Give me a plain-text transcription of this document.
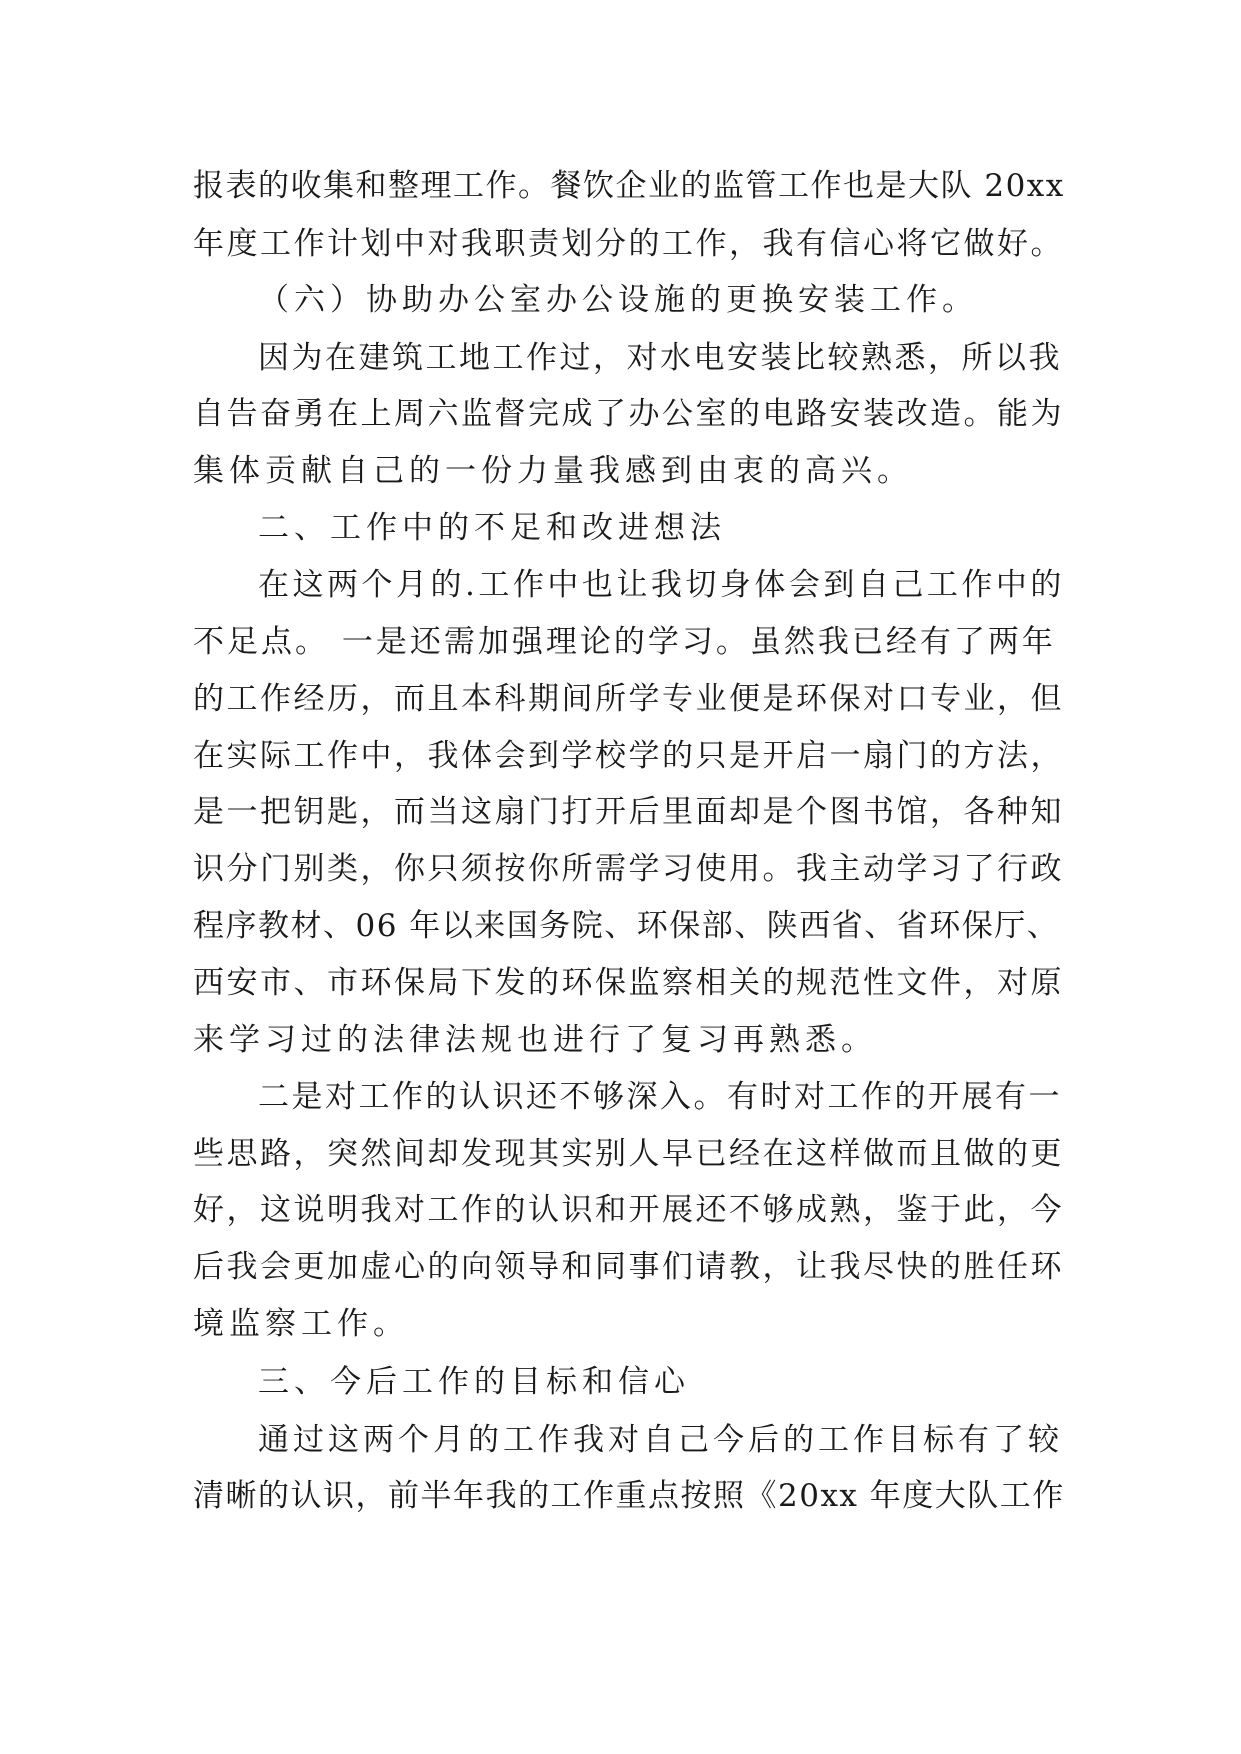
报表的收集和整理工作。餐饮企业的监管工作也是大队 20xx
年度工作计划中对我职责划分的工作，我有信心将它做好。
（六）协助办公室办公设施的更换安装工作。
因为在建筑工地工作过，对水电安装比较熟悉，所以我
自告奋勇在上周六监督完成了办公室的电路安装改造。能为
集体贡献自己的一份力量我感到由衷的高兴。
二、工作中的不足和改进想法
在这两个月的.工作中也让我切身体会到自己工作中的
不足点。 一是还需加强理论的学习。虽然我已经有了两年
的工作经历，而且本科期间所学专业便是环保对口专业，但
在实际工作中，我体会到学校学的只是开启一扇门的方法，
是一把钥匙，而当这扇门打开后里面却是个图书馆，各种知
识分门别类，你只须按你所需学习使用。我主动学习了行政
程序教材、06 年以来国务院、环保部、陕西省、省环保厅、
西安市、市环保局下发的环保监察相关的规范性文件，对原
来学习过的法律法规也进行了复习再熟悉。
二是对工作的认识还不够深入。有时对工作的开展有一
些思路，突然间却发现其实别人早已经在这样做而且做的更
好，这说明我对工作的认识和开展还不够成熟，鉴于此，今
后我会更加虚心的向领导和同事们请教，让我尽快的胜任环
境监察工作。
三、今后工作的目标和信心
通过这两个月的工作我对自己今后的工作目标有了较
清晰的认识，前半年我的工作重点按照《20xx 年度大队工作
